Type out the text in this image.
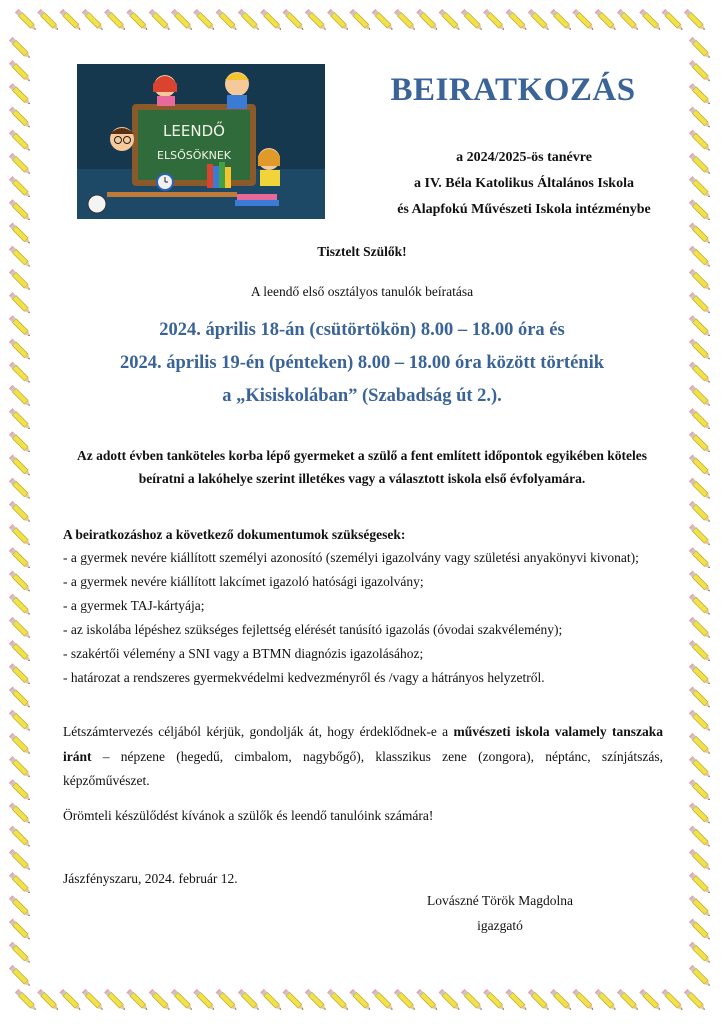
LEENDŐ
ELSŐSÖKNEK
BEIRATKOZÁS
a 2024/2025-ös tanévre
a IV. Béla Katolikus Általános Iskola
és Alapfokú Művészeti Iskola intézménybe
Tisztelt Szülők!
A leendő első osztályos tanulók beíratása
2024. április 18-án (csütörtökön) 8.00 – 18.00 óra és
2024. április 19-én (pénteken) 8.00 – 18.00 óra között történik
a „Kisiskolában” (Szabadság út 2.).
Az adott évben tanköteles korba lépő gyermeket a szülő a fent említett időpontok egyikében köteles
beíratni a lakóhelye szerint illetékes vagy a választott iskola első évfolyamára.
A beiratkozáshoz a következő dokumentumok szükségesek:
- a gyermek nevére kiállított személyi azonosító (személyi igazolvány vagy születési anyakönyvi kivonat);
- a gyermek nevére kiállított lakcímet igazoló hatósági igazolvány;
- a gyermek TAJ-kártyája;
- az iskolába lépéshez szükséges fejlettség elérését tanúsító igazolás (óvodai szakvélemény);
- szakértői vélemény a SNI vagy a BTMN diagnózis igazolásához;
- határozat a rendszeres gyermekvédelmi kedvezményről és /vagy a hátrányos helyzetről.
Létszámtervezés céljából kérjük, gondolják át, hogy érdeklődnek-e a művészeti iskola valamely tanszaka iránt – népzene (hegedű, cimbalom, nagybőgő), klasszikus zene (zongora), néptánc, színjátszás, képzőművészet.
Örömteli készülődést kívánok a szülők és leendő tanulóink számára!
Jászfényszaru, 2024. február 12.
Lovászné Török Magdolna
igazgató
